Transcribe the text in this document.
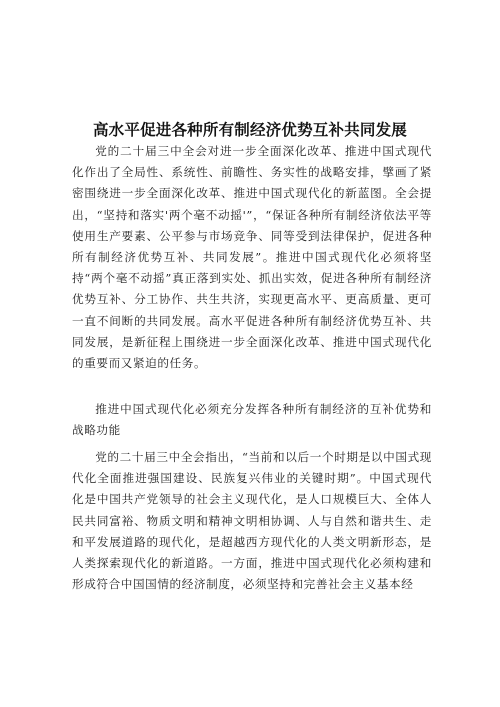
高水平促进各种所有制经济优势互补共同发展

党的二十届三中全会对进一步全面深化改革、推进中国式现代化作出了全局性、系统性、前瞻性、务实性的战略安排，擘画了紧密围绕进一步全面深化改革、推进中国式现代化的新蓝图。全会提出，“坚持和落实'两个毫不动摇'”，“保证各种所有制经济依法平等使用生产要素、公平参与市场竞争、同等受到法律保护，促进各种所有制经济优势互补、共同发展”。推进中国式现代化必须将坚持“两个毫不动摇”真正落到实处、抓出实效，促进各种所有制经济优势互补、分工协作、共生共济，实现更高水平、更高质量、更可一直不间断的共同发展。高水平促进各种所有制经济优势互补、共同发展，是新征程上围绕进一步全面深化改革、推进中国式现代化的重要而又紧迫的任务。

推进中国式现代化必须充分发挥各种所有制经济的互补优势和战略功能

党的二十届三中全会指出，“当前和以后一个时期是以中国式现代化全面推进强国建设、民族复兴伟业的关键时期”。中国式现代化是中国共产党领导的社会主义现代化，是人口规模巨大、全体人民共同富裕、物质文明和精神文明相协调、人与自然和谐共生、走和平发展道路的现代化，是超越西方现代化的人类文明新形态，是人类探索现代化的新道路。一方面，推进中国式现代化必须构建和形成符合中国国情的经济制度，必须坚持和完善社会主义基本经
